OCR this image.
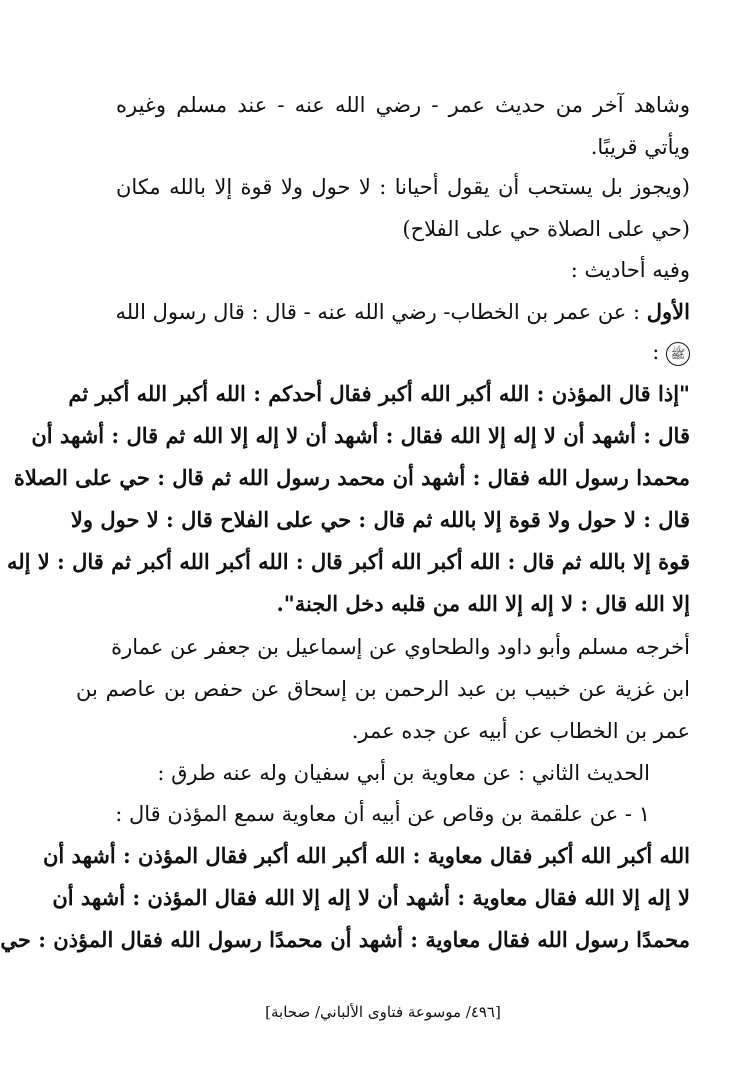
وشاهد آخر من حديث عمر - رضي الله عنه - عند مسلم وغيره
ويأتي قريبًا.
(ويجوز بل يستحب أن يقول أحيانا : لا حول ولا قوة إلا بالله مكان
(حي على الصلاة حي على الفلاح)
وفيه أحاديث :
الأول : عن عمر بن الخطاب- رضي الله عنه - قال : قال رسول الله
ﷺ :
"إذا قال المؤذن : الله أكبر الله أكبر فقال أحدكم : الله أكبر الله أكبر ثم
قال : أشهد أن لا إله إلا الله فقال : أشهد أن لا إله إلا الله ثم قال : أشهد أن
محمدا رسول الله فقال : أشهد أن محمد رسول الله ثم قال : حي على الصلاة
قال : لا حول ولا قوة إلا بالله ثم قال : حي على الفلاح قال : لا حول ولا
قوة إلا بالله ثم قال : الله أكبر الله أكبر قال : الله أكبر الله أكبر ثم قال : لا إله
إلا الله قال : لا إله إلا الله من قلبه دخل الجنة".
أخرجه مسلم وأبو داود والطحاوي عن إسماعيل بن جعفر عن عمارة
ابن غزية عن خبيب بن عبد الرحمن بن إسحاق عن حفص بن عاصم بن
عمر بن الخطاب عن أبيه عن جده عمر.
الحديث الثاني : عن معاوية بن أبي سفيان وله عنه طرق :
١ - عن علقمة بن وقاص عن أبيه أن معاوية سمع المؤذن قال :
الله أكبر الله أكبر فقال معاوية : الله أكبر الله أكبر فقال المؤذن : أشهد أن
لا إله إلا الله فقال معاوية : أشهد أن لا إله إلا الله فقال المؤذن : أشهد أن
محمدًا رسول الله فقال معاوية : أشهد أن محمدًا رسول الله فقال المؤذن : حي
[٤٩٦/ موسوعة فتاوى الألباني/ صحابة]
